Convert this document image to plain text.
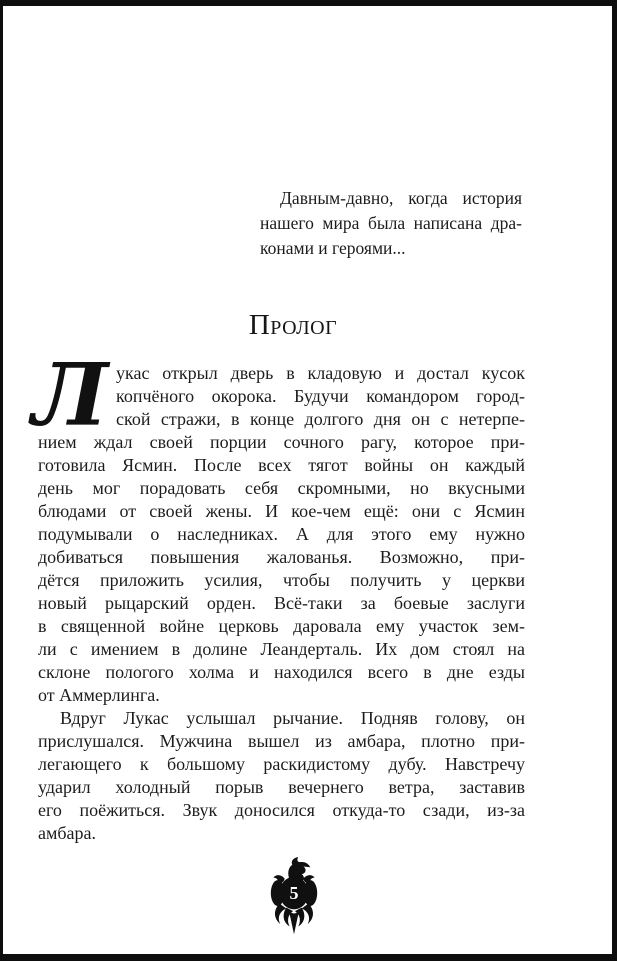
Давным-давно, когда история
нашего мира была написана дра-
конами и героями...
Пролог
Л укас открыл дверь в кладовую и достал кусок
копчёного окорока. Будучи командором город-
ской стражи, в конце долгого дня он с нетерпе-
нием ждал своей порции сочного рагу, которое при-
готовила Ясмин. После всех тягот войны он каждый
день мог порадовать себя скромными, но вкусными
блюдами от своей жены. И кое-чем ещё: они с Ясмин
подумывали о наследниках. А для этого ему нужно
добиваться повышения жалованья. Возможно, при-
дётся приложить усилия, чтобы получить у церкви
новый рыцарский орден. Всё-таки за боевые заслуги
в священной войне церковь даровала ему участок зем-
ли с имением в долине Леандерталь. Их дом стоял на
склоне пологого холма и находился всего в дне езды
от Аммерлинга.
Вдруг Лукас услышал рычание. Подняв голову, он
прислушался. Мужчина вышел из амбара, плотно при-
легающего к большому раскидистому дубу. Навстречу
ударил холодный порыв вечернего ветра, заставив
его поёжиться. Звук доносился откуда-то сзади, из-за
амбара.
5
